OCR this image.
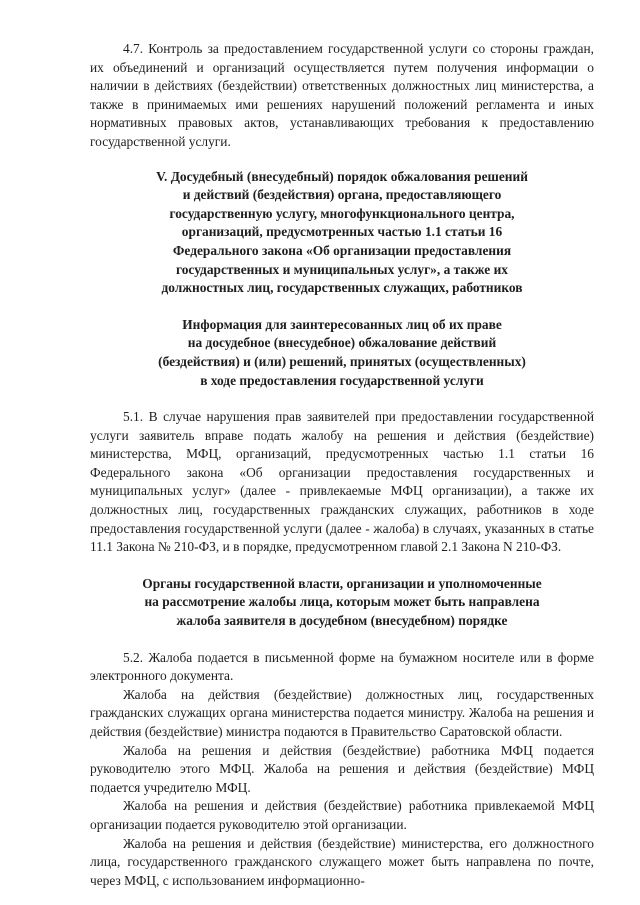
4.7. Контроль за предоставлением государственной услуги со стороны граждан, их объединений и организаций осуществляется путем получения информации о наличии в действиях (бездействии) ответственных должностных лиц министерства, а также в принимаемых ими решениях нарушений положений регламента и иных нормативных правовых актов, устанавливающих требования к предоставлению государственной услуги.

V. Досудебный (внесудебный) порядок обжалования решений
и действий (бездействия) органа, предоставляющего
государственную услугу, многофункционального центра,
организаций, предусмотренных частью 1.1 статьи 16
Федерального закона «Об организации предоставления
государственных и муниципальных услуг», а также их
должностных лиц, государственных служащих, работников
Информация для заинтересованных лиц об их праве
на досудебное (внесудебное) обжалование действий
(бездействия) и (или) решений, принятых (осуществленных)
в ходе предоставления государственной услуги

5.1. В случае нарушения прав заявителей при предоставлении государственной услуги заявитель вправе подать жалобу на решения и действия (бездействие) министерства, МФЦ, организаций, предусмотренных частью 1.1 статьи 16 Федерального закона «Об организации предоставления государственных и муниципальных услуг» (далее - привлекаемые МФЦ организации), а также их должностных лиц, государственных гражданских служащих, работников в ходе предоставления государственной услуги (далее - жалоба) в случаях, указанных в статье 11.1 Закона № 210-ФЗ, и в порядке, предусмотренном главой 2.1 Закона N 210-ФЗ.

Органы государственной власти, организации и уполномоченные
на рассмотрение жалобы лица, которым может быть направлена
жалоба заявителя в досудебном (внесудебном) порядке

5.2. Жалоба подается в письменной форме на бумажном носителе или в форме электронного документа.

Жалоба на действия (бездействие) должностных лиц, государственных гражданских служащих органа министерства подается министру. Жалоба на решения и действия (бездействие) министра подаются в Правительство Саратовской области.

Жалоба на решения и действия (бездействие) работника МФЦ подается руководителю этого МФЦ. Жалоба на решения и действия (бездействие) МФЦ подается учредителю МФЦ.

Жалоба на решения и действия (бездействие) работника привлекаемой МФЦ организации подается руководителю этой организации.

Жалоба на решения и действия (бездействие) министерства, его должностного лица, государственного гражданского служащего может быть направлена по почте, через МФЦ, с использованием информационно-
